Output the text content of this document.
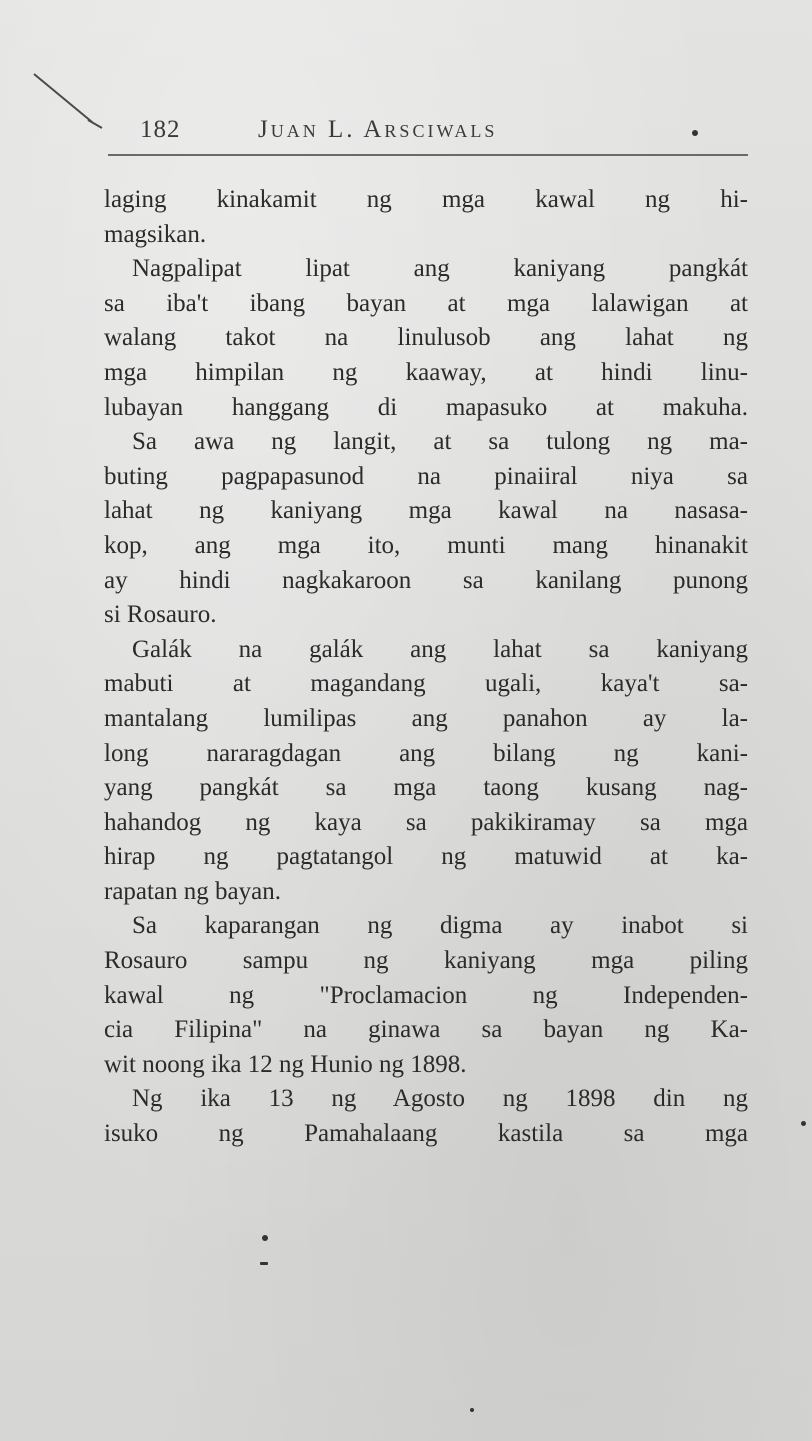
182	Juan L. Arsciwals
laging kinakamit ng mga kawal ng hi-
magsikan.
Nagpalipat lipat ang kaniyang pangkát
sa iba't ibang bayan at mga lalawigan at
walang takot na linulusob ang lahat ng
mga himpilan ng kaaway, at hindi linu-
lubayan hanggang di mapasuko at makuha.
Sa awa ng langit, at sa tulong ng ma-
buting pagpapasunod na pinaiiral niya sa
lahat ng kaniyang mga kawal na nasasa-
kop, ang mga ito, munti mang hinanakit
ay hindi nagkakaroon sa kanilang punong
si Rosauro.
Galák na galák ang lahat sa kaniyang
mabuti at magandang ugali, kaya't sa-
mantalang lumilipas ang panahon ay la-
long nararagdagan ang bilang ng kani-
yang pangkát sa mga taong kusang nag-
hahandog ng kaya sa pakikiramay sa mga
hirap ng pagtatangol ng matuwid at ka-
rapatan ng bayan.
Sa kaparangan ng digma ay inabot si
Rosauro sampu ng kaniyang mga piling
kawal ng "Proclamacion ng Independen-
cia Filipina" na ginawa sa bayan ng Ka-
wit noong ika 12 ng Hunio ng 1898.
Ng ika 13 ng Agosto ng 1898 din ng
isuko ng Pamahalaang kastila sa mga
